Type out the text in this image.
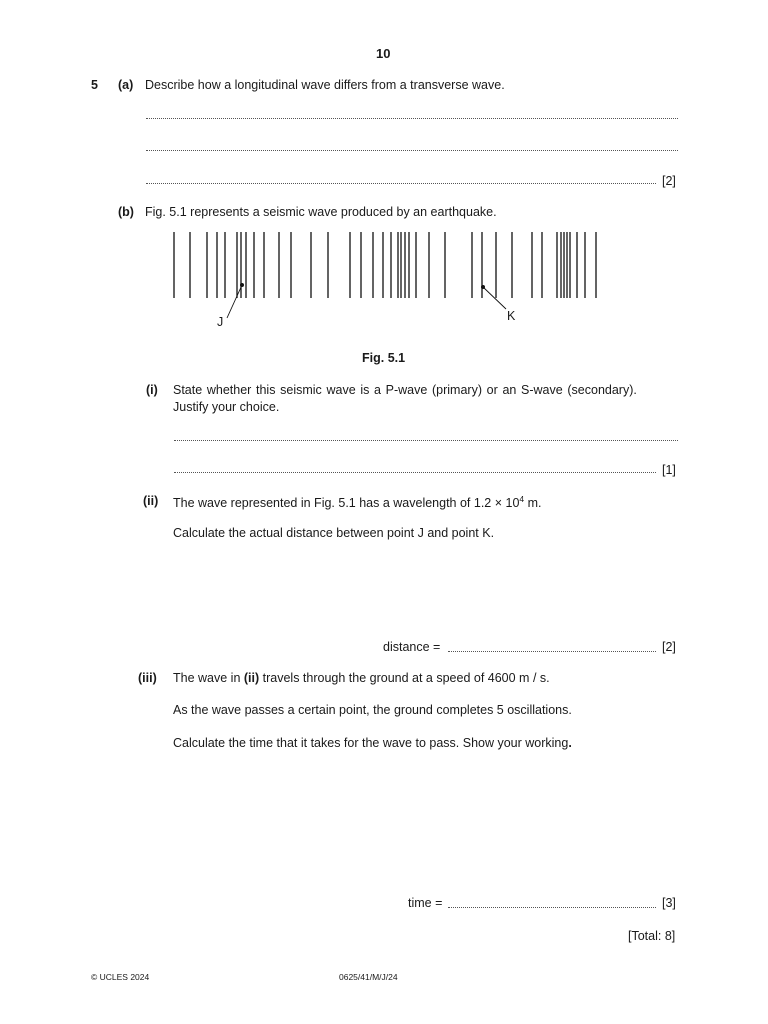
10
5 (a) Describe how a longitudinal wave differs from a transverse wave.
[2]
(b) Fig. 5.1 represents a seismic wave produced by an earthquake.
J	K
Fig. 5.1
(i) State whether this seismic wave is a P-wave (primary) or an S-wave (secondary).
Justify your choice.
[1]
(ii) The wave represented in Fig. 5.1 has a wavelength of $1.2 \times 10^4$ m.
Calculate the actual distance between point J and point K.
distance =	[2]
(iii) The wave in (ii) travels through the ground at a speed of 4600 m / s.
As the wave passes a certain point, the ground completes 5 oscillations.
Calculate the time that it takes for the wave to pass. Show your working.
time =	[3]
[Total: 8]
© UCLES 2024	0625/41/M/J/24
